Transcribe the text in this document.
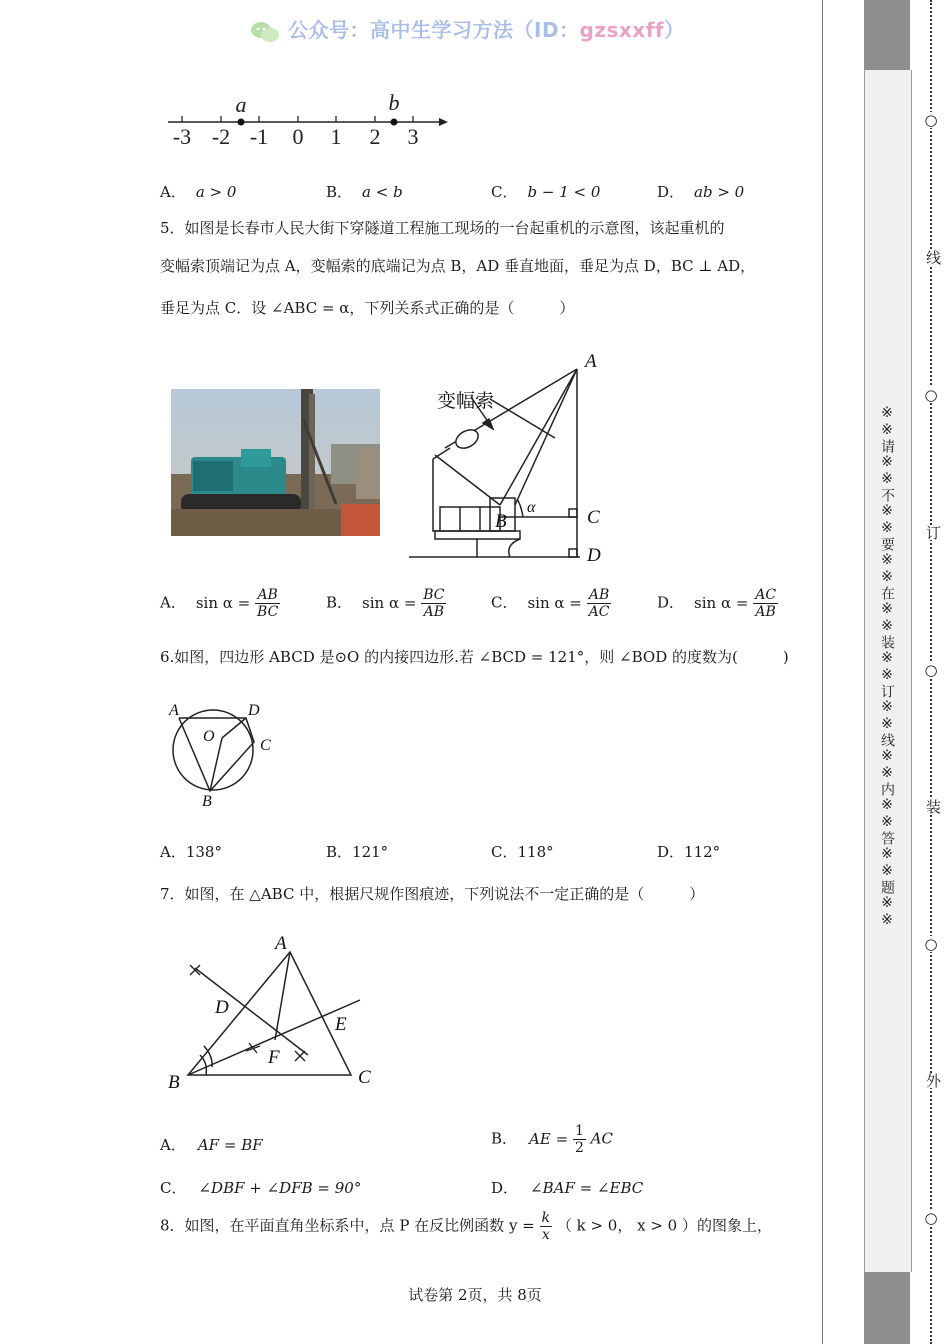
公众号：高中生学习方法（ID：gzsxxff）
-3 -2 -1 0 1 2 3
a	b
A． a > 0	B． a < b	C． b − 1 < 0	D． ab > 0
5．如图是长春市人民大街下穿隧道工程施工现场的一台起重机的示意图，该起重机的
变幅索顶端记为点 A，变幅索的底端记为点 B，AD 垂直地面，垂足为点 D，BC ⊥ AD，
垂足为点 C．设 ∠ABC = α，下列关系式正确的是（　　　）
A
B	C
D
α
变幅索
A． $\sin \alpha = \frac{AB}{BC}$	B． $\sin \alpha = \frac{BC}{AB}$	C． $\sin \alpha = \frac{AB}{AC}$	D． $\sin \alpha = \frac{AC}{AB}$
6.如图，四边形 ABCD 是⊙O 的内接四边形.若 ∠BCD = 121°，则 ∠BOD 的度数为(　　　)
A	D
C
B
O
A．138°	B．121°	C．118°	D．112°
7．如图，在 △ABC 中，根据尺规作图痕迹，下列说法不一定正确的是（　　　）
A
B	C
D
E
F
A． AF = BF	B． AE = $\frac{1}{2}$ AC
C． ∠DBF + ∠DFB = 90°	D． ∠BAF = ∠EBC
8．如图，在平面直角坐标系中，点 P 在反比例函数 $y = \frac{k}{x}$ （ k > 0， x > 0 ）的图象上，
试卷第 2页，共 8页
※※请※※不※※要※※在※※装※※订※※线※※内※※答※※题※※
○
线
○
订
○
装
○
外
○
